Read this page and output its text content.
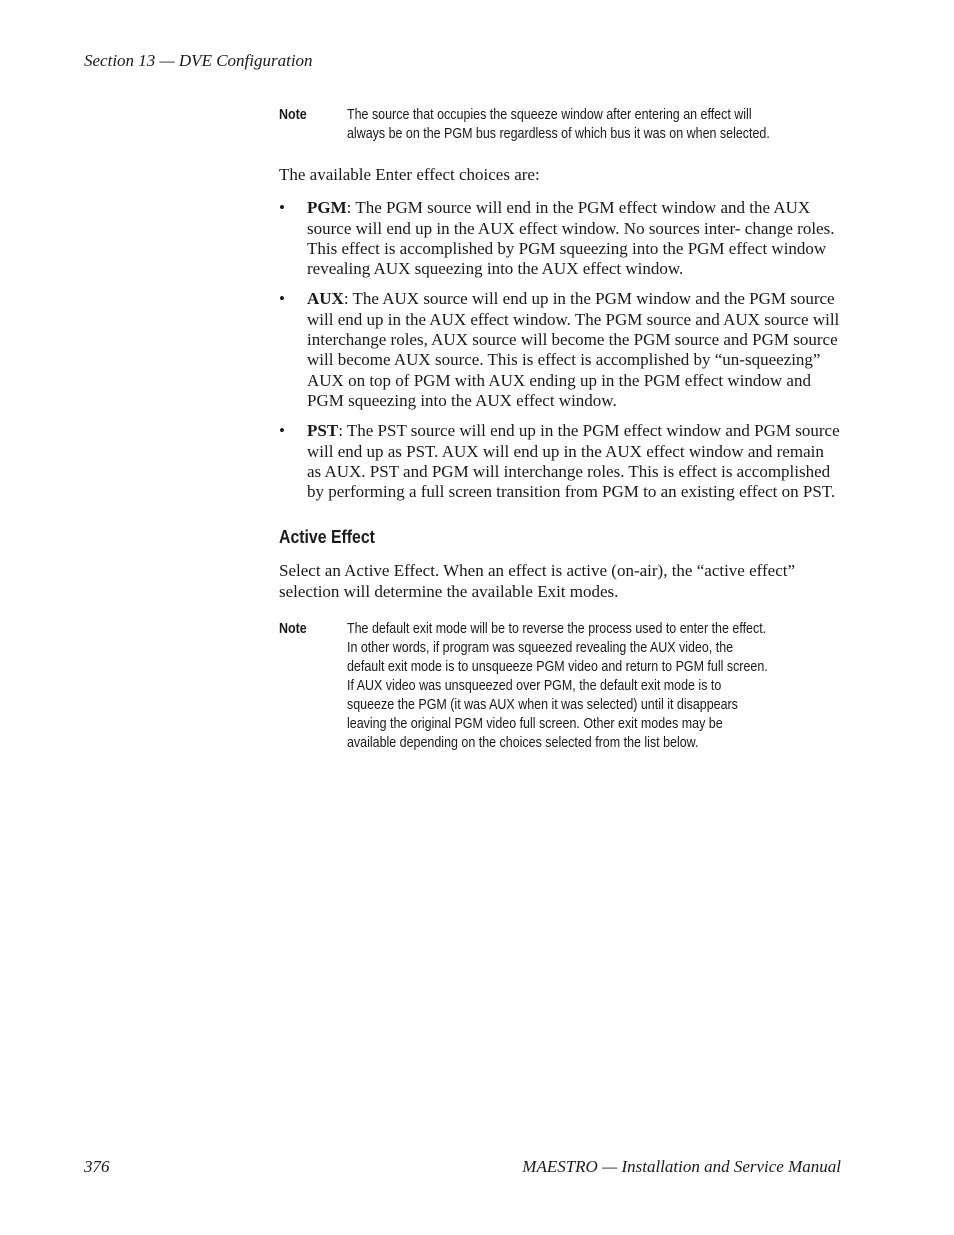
Section 13 — DVE Configuration
Note	The source that occupies the squeeze window after entering an effect will always be on the PGM bus regardless of which bus it was on when selected.

The available Enter effect choices are:

• PGM: The PGM source will end in the PGM effect window and the AUX source will end up in the AUX effect window. No sources inter- change roles. This effect is accomplished by PGM squeezing into the PGM effect window revealing AUX squeezing into the AUX effect window.
• AUX: The AUX source will end up in the PGM window and the PGM source will end up in the AUX effect window. The PGM source and AUX source will interchange roles, AUX source will become the PGM source and PGM source will become AUX source. This is effect is accomplished by “un-squeezing” AUX on top of PGM with AUX ending up in the PGM effect window and PGM squeezing into the AUX effect window.
• PST: The PST source will end up in the PGM effect window and PGM source will end up as PST. AUX will end up in the AUX effect window and remain as AUX. PST and PGM will interchange roles. This is effect is accomplished by performing a full screen transition from PGM to an existing effect on PST.
Active Effect

Select an Active Effect. When an effect is active (on-air), the “active effect” selection will determine the available Exit modes.

Note	The default exit mode will be to reverse the process used to enter the effect. In other words, if program was squeezed revealing the AUX video, the default exit mode is to unsqueeze PGM video and return to PGM full screen. If AUX video was unsqueezed over PGM, the default exit mode is to squeeze the PGM (it was AUX when it was selected) until it disappears leaving the original PGM video full screen. Other exit modes may be available depending on the choices selected from the list below.
376	MAESTRO — Installation and Service Manual
